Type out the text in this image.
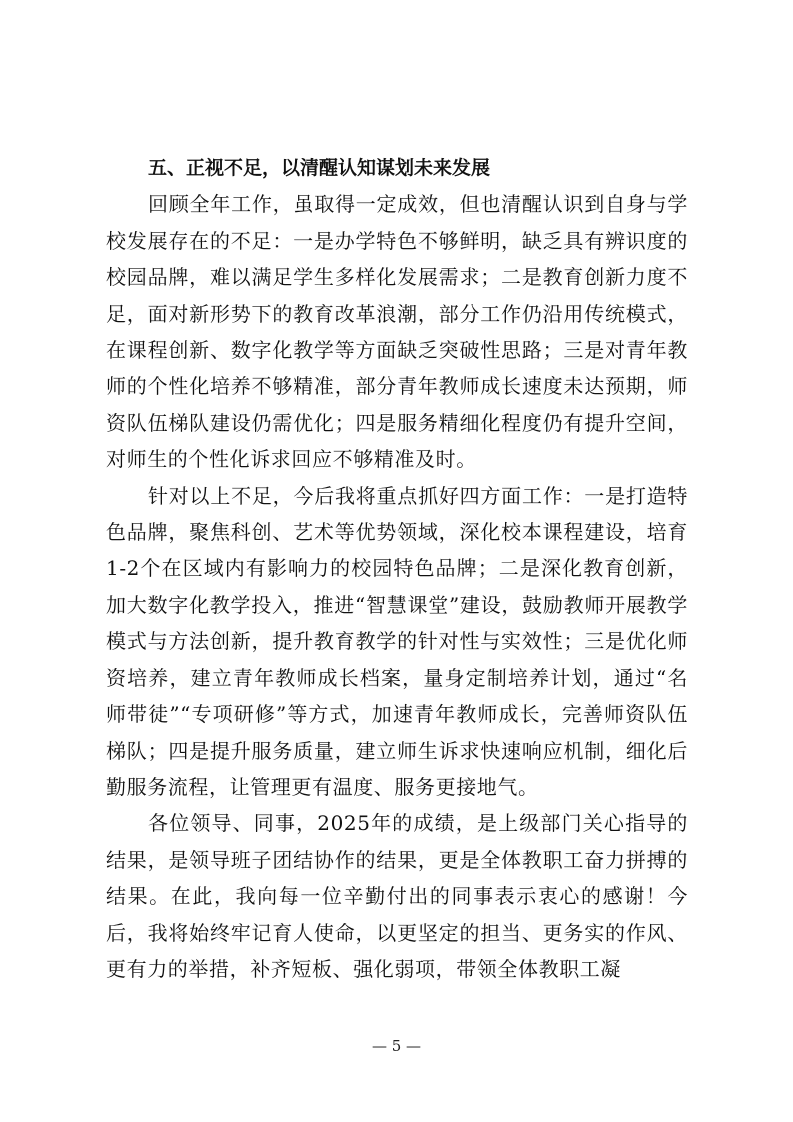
五、正视不足，以清醒认知谋划未来发展

回顾全年工作，虽取得一定成效，但也清醒认识到自身与学校发展存在的不足：一是办学特色不够鲜明，缺乏具有辨识度的校园品牌，难以满足学生多样化发展需求；二是教育创新力度不足，面对新形势下的教育改革浪潮，部分工作仍沿用传统模式，在课程创新、数字化教学等方面缺乏突破性思路；三是对青年教师的个性化培养不够精准，部分青年教师成长速度未达预期，师资队伍梯队建设仍需优化；四是服务精细化程度仍有提升空间，对师生的个性化诉求回应不够精准及时。

针对以上不足，今后我将重点抓好四方面工作：一是打造特色品牌，聚焦科创、艺术等优势领域，深化校本课程建设，培育1-2个在区域内有影响力的校园特色品牌；二是深化教育创新，加大数字化教学投入，推进“智慧课堂”建设，鼓励教师开展教学模式与方法创新，提升教育教学的针对性与实效性；三是优化师资培养，建立青年教师成长档案，量身定制培养计划，通过“名师带徒”“专项研修”等方式，加速青年教师成长，完善师资队伍梯队；四是提升服务质量，建立师生诉求快速响应机制，细化后勤服务流程，让管理更有温度、服务更接地气。

各位领导、同事，2025年的成绩，是上级部门关心指导的结果，是领导班子团结协作的结果，更是全体教职工奋力拼搏的结果。在此，我向每一位辛勤付出的同事表示衷心的感谢！今后，我将始终牢记育人使命，以更坚定的担当、更务实的作风、更有力的举措，补齐短板、强化弱项，带领全体教职工凝

— 5 —
